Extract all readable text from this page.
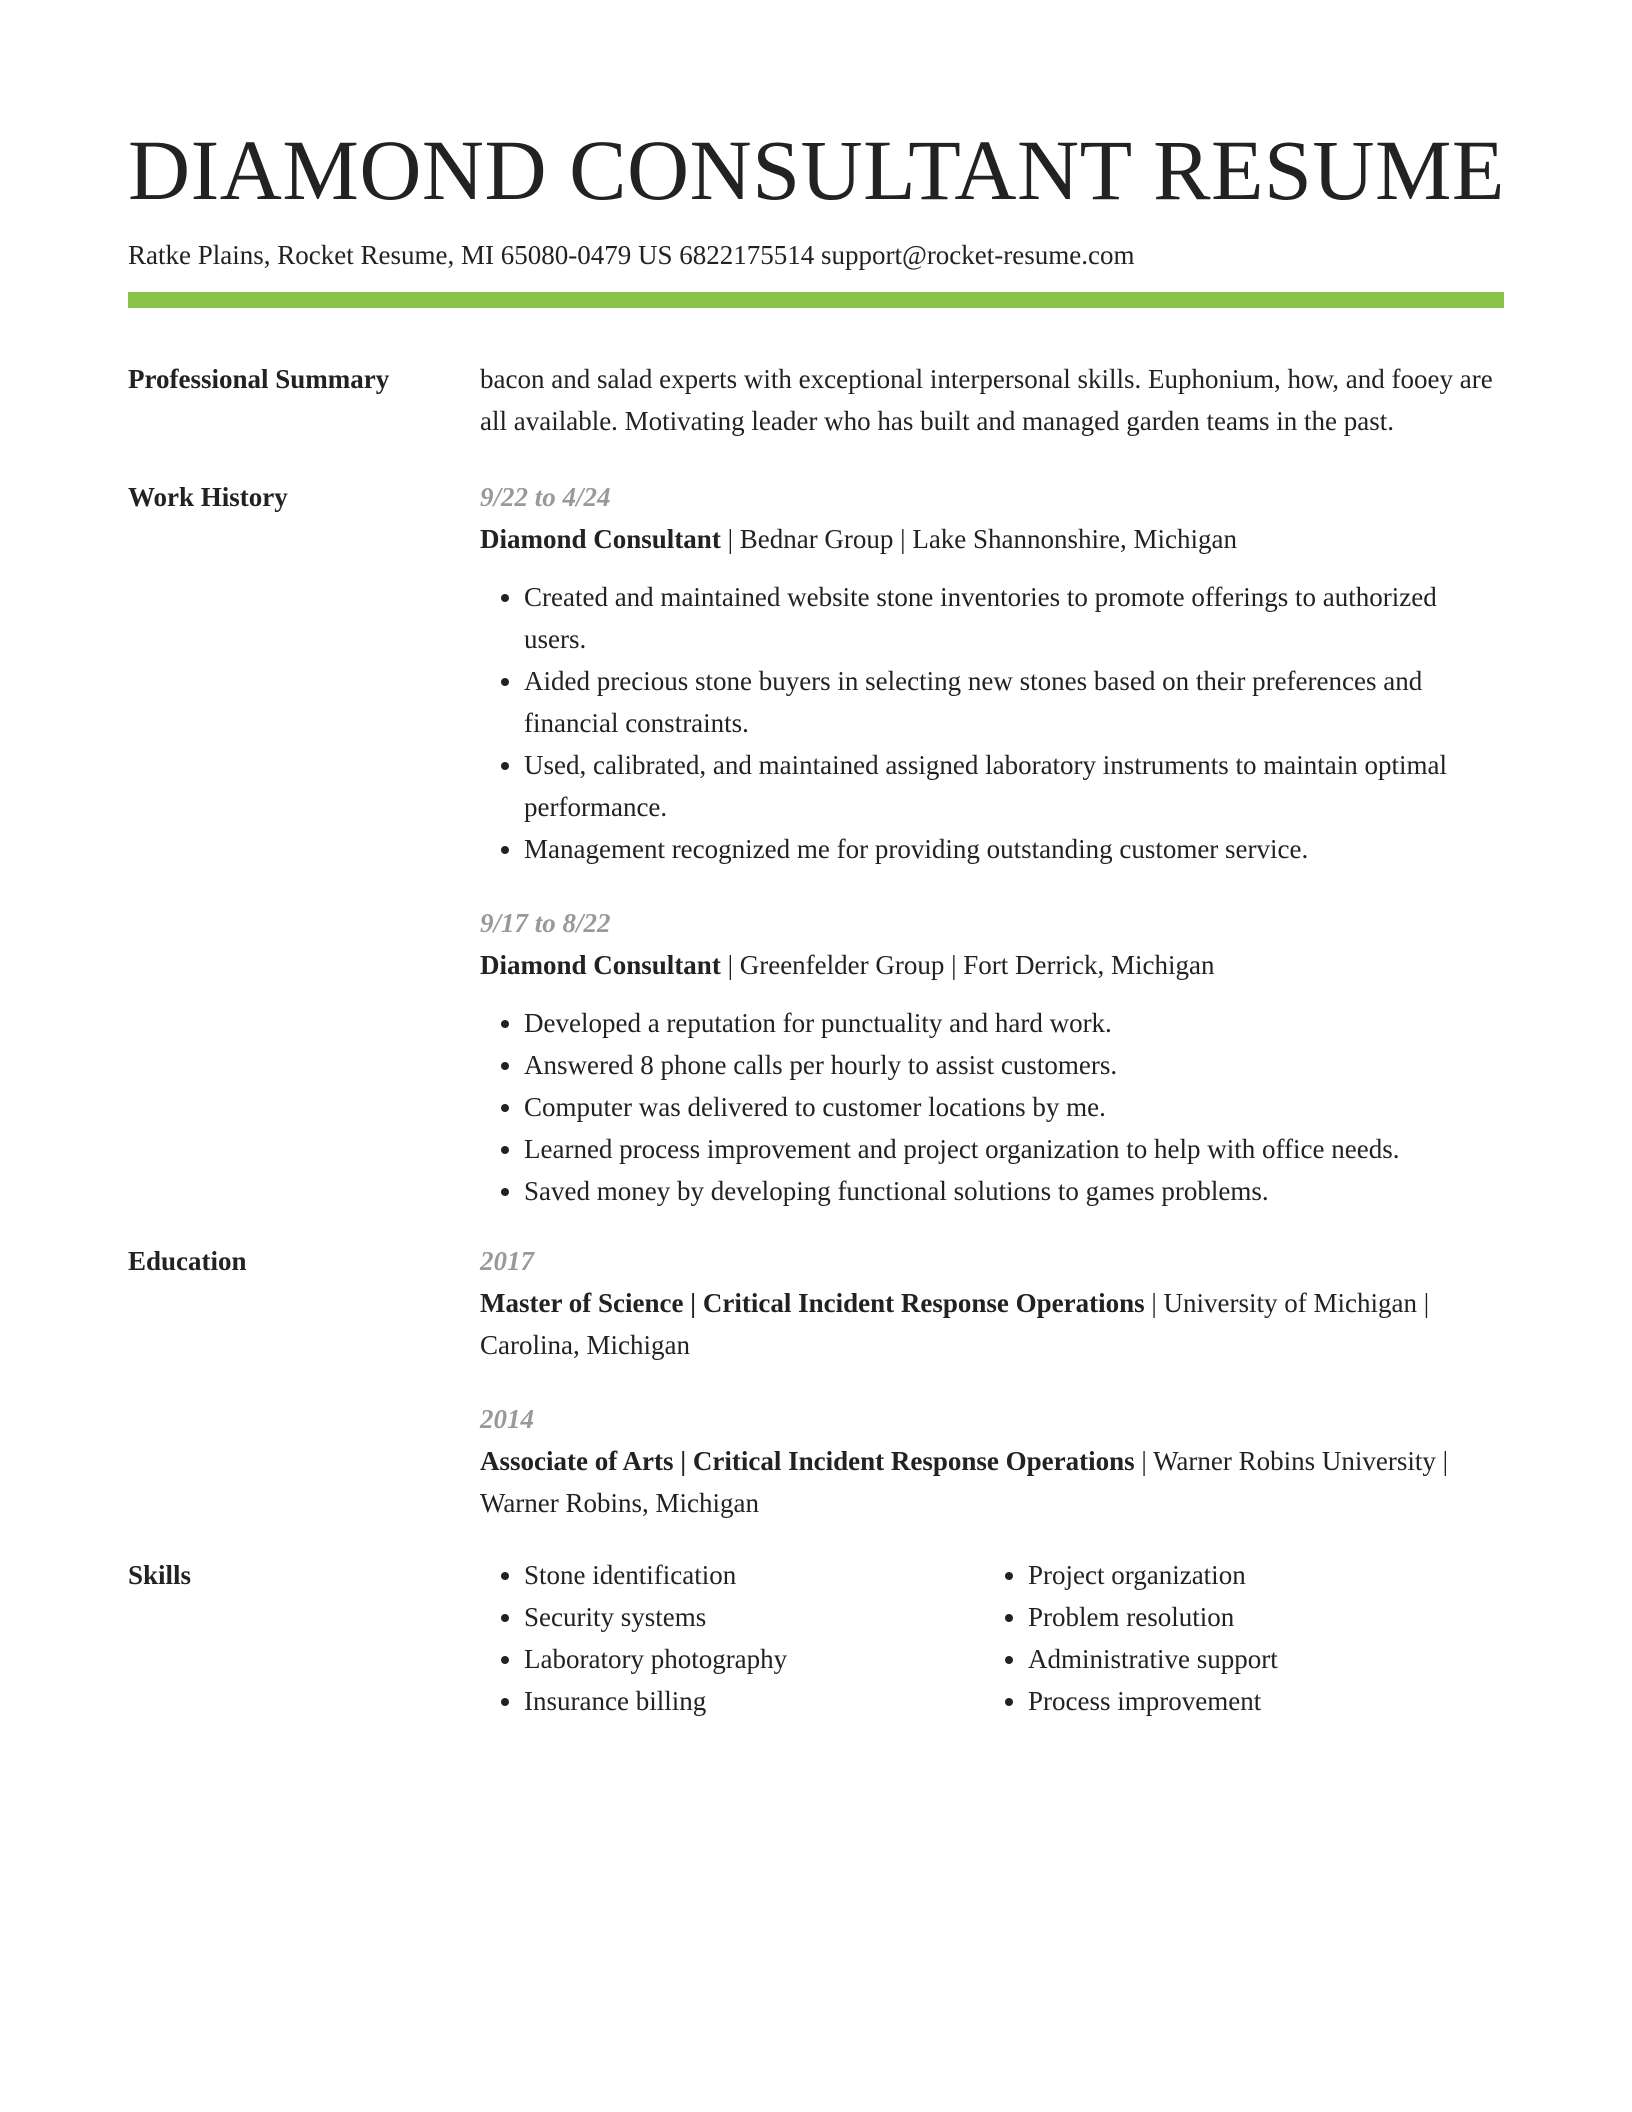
DIAMOND CONSULTANT RESUME
Ratke Plains, Rocket Resume, MI 65080-0479 US 6822175514 support@rocket-resume.com
Professional Summary	bacon and salad experts with exceptional interpersonal skills. Euphonium, how, and fooey are all available. Motivating leader who has built and managed garden teams in the past.
Work History	9/22 to 4/24
Diamond Consultant | Bednar Group | Lake Shannonshire, Michigan
• Created and maintained website stone inventories to promote offerings to authorized users.
• Aided precious stone buyers in selecting new stones based on their preferences and financial constraints.
• Used, calibrated, and maintained assigned laboratory instruments to maintain optimal performance.
• Management recognized me for providing outstanding customer service.
9/17 to 8/22
Diamond Consultant | Greenfelder Group | Fort Derrick, Michigan
• Developed a reputation for punctuality and hard work.
• Answered 8 phone calls per hourly to assist customers.
• Computer was delivered to customer locations by me.
• Learned process improvement and project organization to help with office needs.
• Saved money by developing functional solutions to games problems.
Education	2017
Master of Science | Critical Incident Response Operations | University of Michigan | Carolina, Michigan
2014
Associate of Arts | Critical Incident Response Operations | Warner Robins University | Warner Robins, Michigan
Skills
•	Stone identification
• Security systems
• Laboratory photography
• Insurance billing
• Project organization
• Problem resolution
• Administrative support
• Process improvement
